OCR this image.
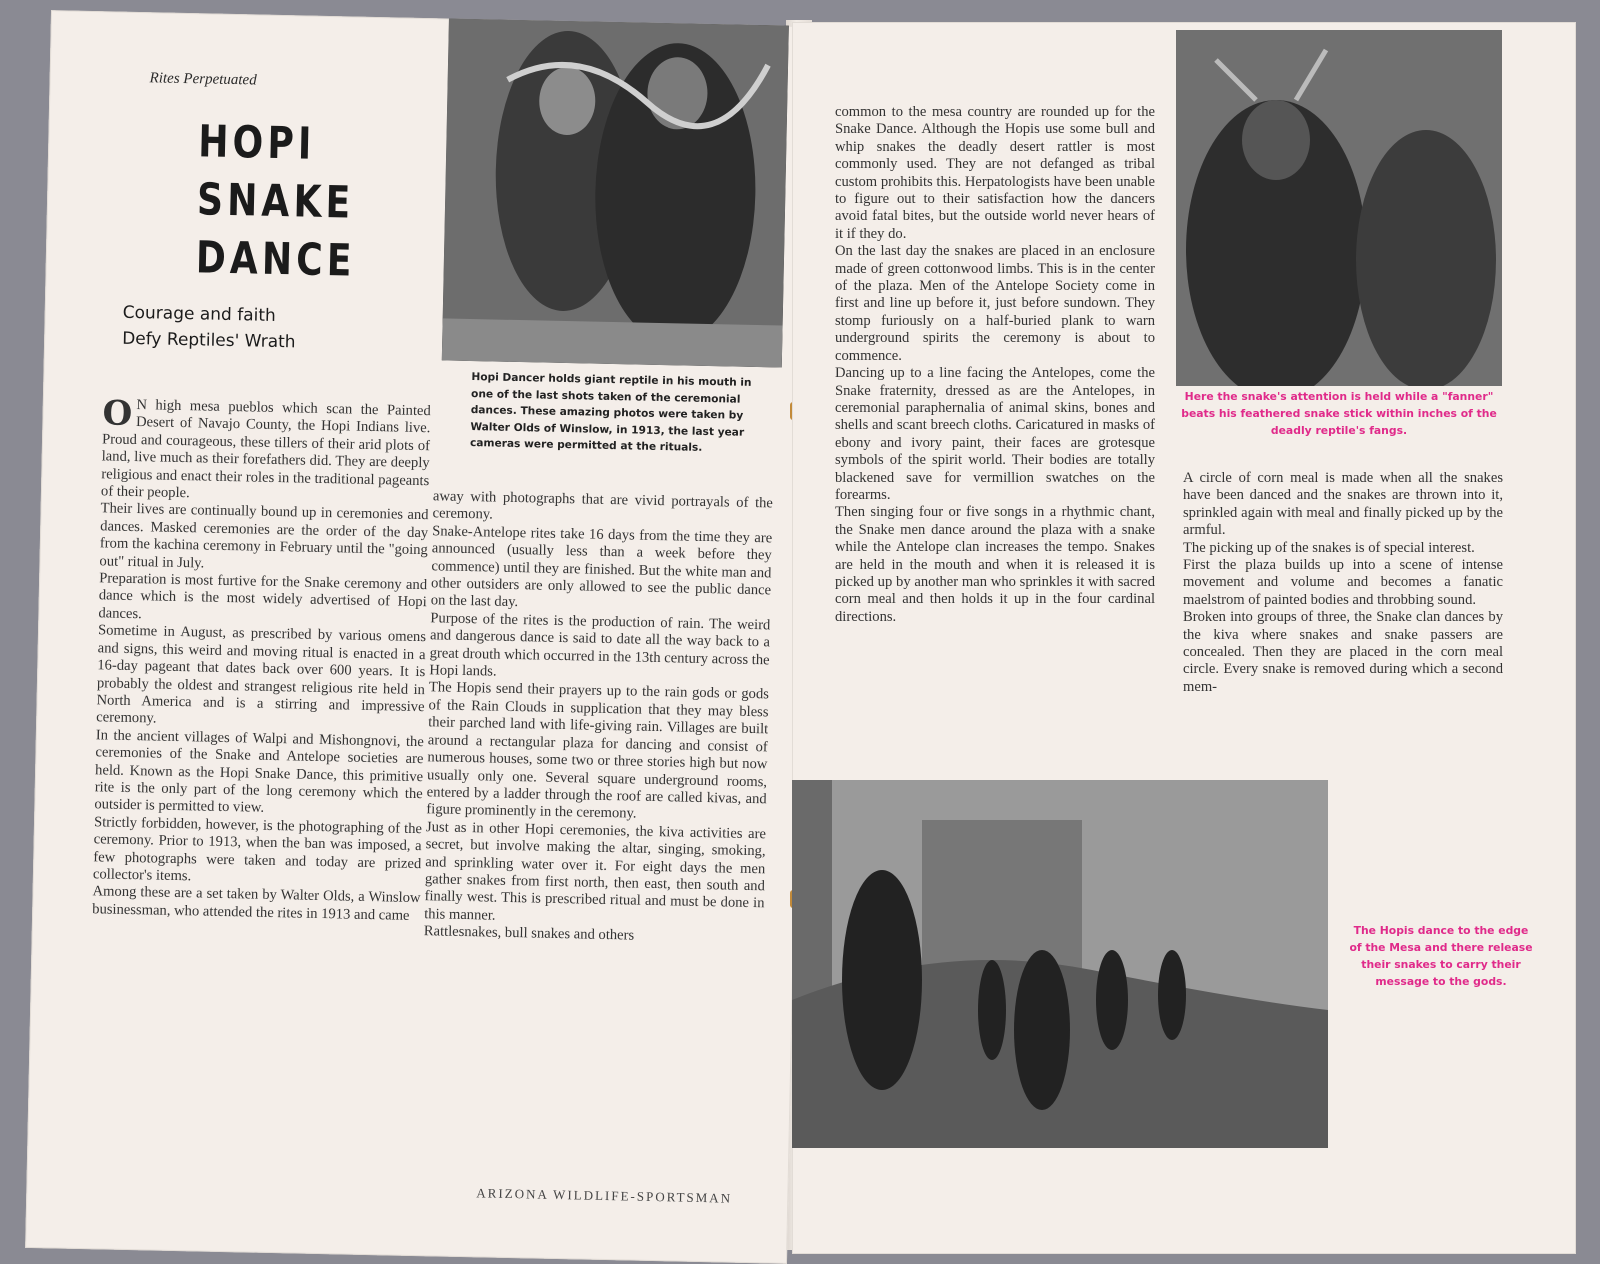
Rites Perpetuated
HOPI
SNAKE
DANCE
Courage and faith
Defy Reptiles' Wrath
Hopi Dancer holds giant reptile in his mouth in one of the last shots taken of the ceremonial dances. These amazing photos were taken by Walter Olds of Winslow, in 1913, the last year cameras were permitted at the rituals.
O N high mesa pueblos which scan the Painted Desert of Navajo County, the Hopi Indians live. Proud and courageous, these tillers of their arid plots of land, live much as their forefathers did. They are deeply religious and enact their roles in the traditional pageants of their people.
Their lives are continually bound up in ceremonies and dances. Masked ceremonies are the order of the day from the kachina ceremony in February until the "going out" ritual in July.
Preparation is most furtive for the Snake ceremony and dance which is the most widely advertised of Hopi dances.
Sometime in August, as prescribed by various omens and signs, this weird and moving ritual is enacted in a 16-day pageant that dates back over 600 years. It is probably the oldest and strangest religious rite held in North America and is a stirring and impressive ceremony.
In the ancient villages of Walpi and Mishongnovi, the ceremonies of the Snake and Antelope societies are held. Known as the Hopi Snake Dance, this primitive rite is the only part of the long ceremony which the outsider is permitted to view.
Strictly forbidden, however, is the photographing of the ceremony. Prior to 1913, when the ban was imposed, a few photographs were taken and today are prized collector's items.
Among these are a set taken by Walter Olds, a Winslow businessman, who attended the rites in 1913 and came
away with photographs that are vivid portrayals of the ceremony.
Snake-Antelope rites take 16 days from the time they are announced (usually less than a week before they commence) until they are finished. But the white man and other outsiders are only allowed to see the public dance on the last day.
Purpose of the rites is the production of rain. The weird and dangerous dance is said to date all the way back to a great drouth which occurred in the 13th century across the Hopi lands.
The Hopis send their prayers up to the rain gods or gods of the Rain Clouds in supplication that they may bless their parched land with life-giving rain. Villages are built around a rectangular plaza for dancing and consist of numerous houses, some two or three stories high but now usually only one. Several square underground rooms, entered by a ladder through the roof are called kivas, and figure prominently in the ceremony.
Just as in other Hopi ceremonies, the kiva activities are secret, but involve making the altar, singing, smoking, and sprinkling water over it. For eight days the men gather snakes from first north, then east, then south and finally west. This is prescribed ritual and must be done in this manner.
Rattlesnakes, bull snakes and others
ARIZONA WILDLIFE-SPORTSMAN
common to the mesa country are rounded up for the Snake Dance. Although the Hopis use some bull and whip snakes the deadly desert rattler is most commonly used. They are not defanged as tribal custom prohibits this. Herpatologists have been unable to figure out to their satisfaction how the dancers avoid fatal bites, but the outside world never hears of it if they do.
On the last day the snakes are placed in an enclosure made of green cottonwood limbs. This is in the center of the plaza. Men of the Antelope Society come in first and line up before it, just before sundown. They stomp furiously on a half-buried plank to warn underground spirits the ceremony is about to commence.
Dancing up to a line facing the Antelopes, come the Snake fraternity, dressed as are the Antelopes, in ceremonial paraphernalia of animal skins, bones and shells and scant breech cloths. Caricatured in masks of ebony and ivory paint, their faces are grotesque symbols of the spirit world. Their bodies are totally blackened save for vermillion swatches on the forearms.
Then singing four or five songs in a rhythmic chant, the Snake men dance around the plaza with a snake while the Antelope clan increases the tempo. Snakes are held in the mouth and when it is released it is picked up by another man who sprinkles it with sacred corn meal and then holds it up in the four cardinal directions.
Here the snake's attention is held while a "fanner" beats his feathered snake stick within inches of the deadly reptile's fangs.
A circle of corn meal is made when all the snakes have been danced and the snakes are thrown into it, sprinkled again with meal and finally picked up by the armful.
The picking up of the snakes is of special interest.
First the plaza builds up into a scene of intense movement and volume and becomes a fanatic maelstrom of painted bodies and throbbing sound.
Broken into groups of three, the Snake clan dances by the kiva where snakes and snake passers are concealed. Then they are placed in the corn meal circle. Every snake is removed during which a second mem-
The Hopis dance to the edge of the Mesa and there release their snakes to carry their message to the gods.
